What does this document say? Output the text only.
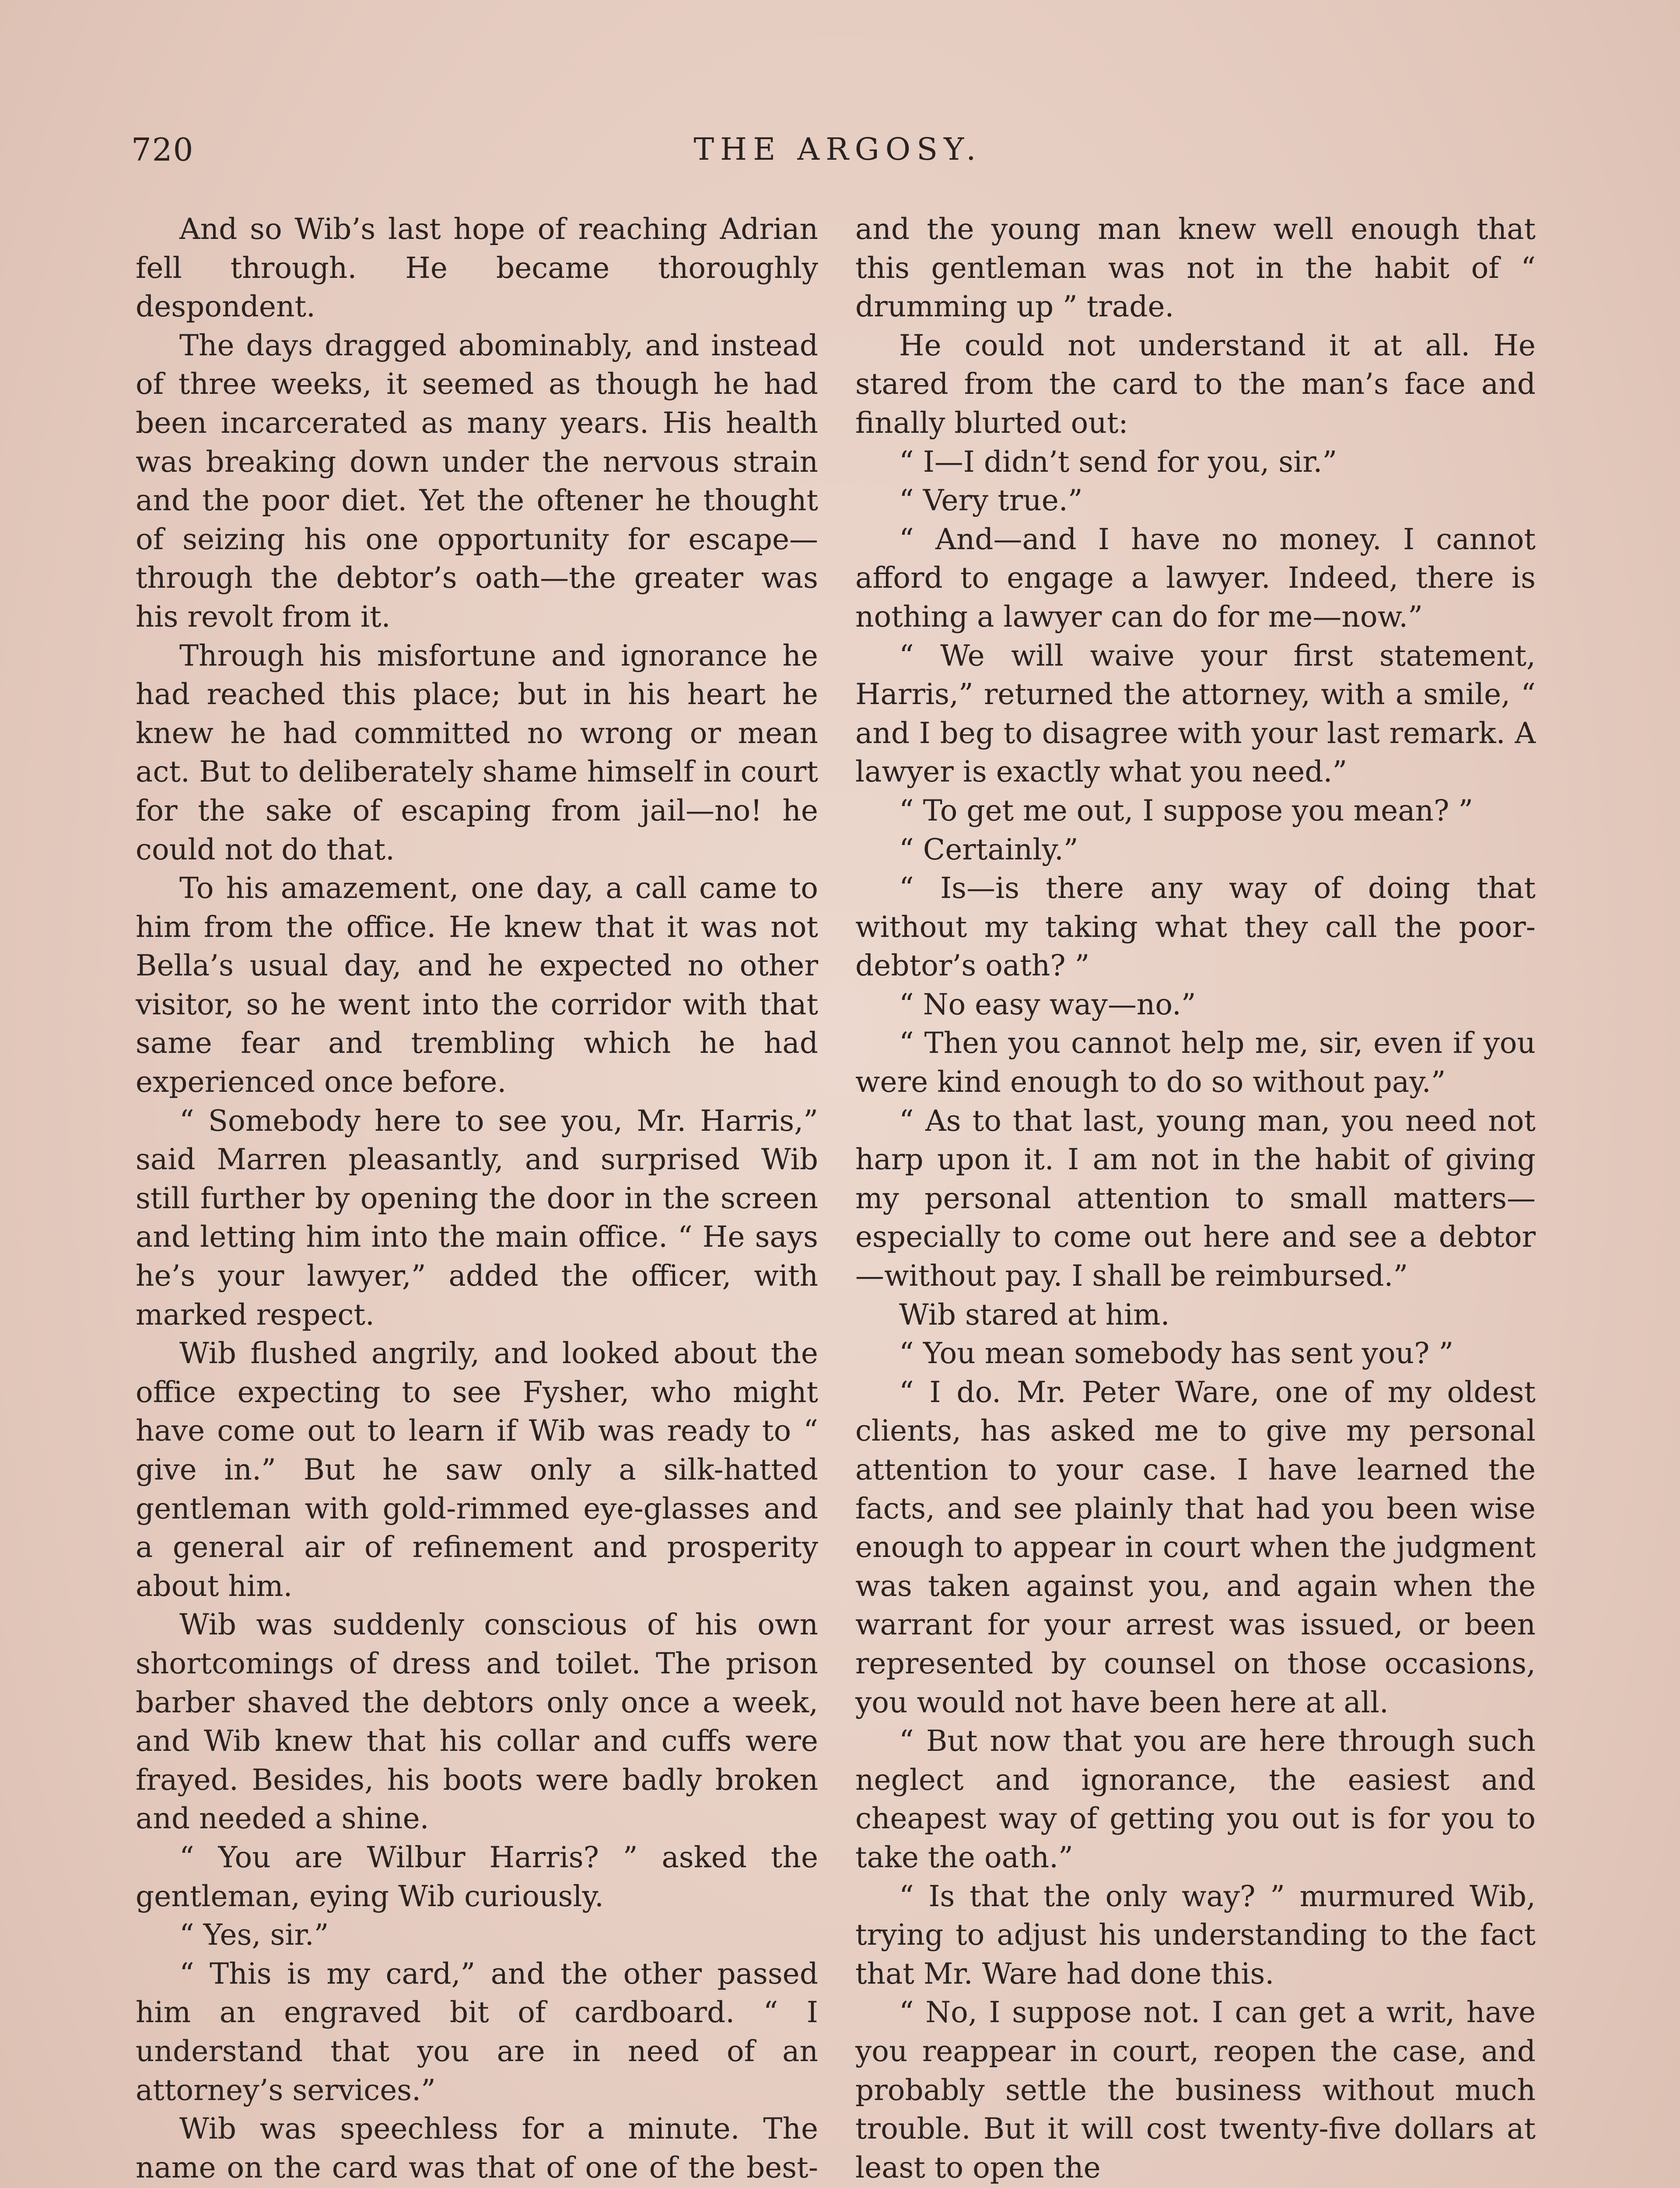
720	THE ARGOSY.

And so Wib’s last hope of reaching Adrian fell through. He became thoroughly despondent.

The days dragged abominably, and instead of three weeks, it seemed as though he had been incarcerated as many years. His health was breaking down under the nervous strain and the poor diet. Yet the oftener he thought of seizing his one opportunity for escape—through the debtor’s oath—the greater was his revolt from it.

Through his misfortune and ignorance he had reached this place; but in his heart he knew he had committed no wrong or mean act. But to deliberately shame himself in court for the sake of escaping from jail—no! he could not do that.

To his amazement, one day, a call came to him from the office. He knew that it was not Bella’s usual day, and he expected no other visitor, so he went into the corridor with that same fear and trembling which he had experienced once before.

“ Somebody here to see you, Mr. Harris,” said Marren pleasantly, and surprised Wib still further by opening the door in the screen and letting him into the main office. “ He says he’s your lawyer,” added the officer, with marked respect.

Wib flushed angrily, and looked about the office expecting to see Fysher, who might have come out to learn if Wib was ready to “ give in.” But he saw only a silk-hatted gentleman with gold-rimmed eye-glasses and a general air of refinement and prosperity about him.

Wib was suddenly conscious of his own shortcomings of dress and toilet. The prison barber shaved the debtors only once a week, and Wib knew that his collar and cuffs were frayed. Besides, his boots were badly broken and needed a shine.

“ You are Wilbur Harris? ” asked the gentleman, eying Wib curiously.

“ Yes, sir.”

“ This is my card,” and the other passed him an engraved bit of cardboard. “ I understand that you are in need of an attorney’s services.”

Wib was speechless for a minute. The name on the card was that of one of the best-

and the young man knew well enough that this gentleman was not in the habit of “ drumming up ” trade.

He could not understand it at all. He stared from the card to the man’s face and finally blurted out:

“ I—I didn’t send for you, sir.”

“ Very true.”

“ And—and I have no money. I cannot afford to engage a lawyer. Indeed, there is nothing a lawyer can do for me—now.”

“ We will waive your first statement, Harris,” returned the attorney, with a smile, “ and I beg to disagree with your last remark. A lawyer is exactly what you need.”

“ To get me out, I suppose you mean? ”

“ Certainly.”

“ Is—is there any way of doing that without my taking what they call the poor-debtor’s oath? ”

“ No easy way—no.”

“ Then you cannot help me, sir, even if you were kind enough to do so without pay.”

“ As to that last, young man, you need not harp upon it. I am not in the habit of giving my personal attention to small matters—especially to come out here and see a debtor—without pay. I shall be reimbursed.”

Wib stared at him.

“ You mean somebody has sent you? ”

“ I do. Mr. Peter Ware, one of my oldest clients, has asked me to give my personal attention to your case. I have learned the facts, and see plainly that had you been wise enough to appear in court when the judgment was taken against you, and again when the warrant for your arrest was issued, or been represented by counsel on those occasions, you would not have been here at all.

“ But now that you are here through such neglect and ignorance, the easiest and cheapest way of getting you out is for you to take the oath.”

“ Is that the only way? ” murmured Wib, trying to adjust his understanding to the fact that Mr. Ware had done this.

“ No, I suppose not. I can get a writ, have you reappear in court, reopen the case, and probably settle the business without much trouble. But it will cost twenty-five dollars at least to open the
